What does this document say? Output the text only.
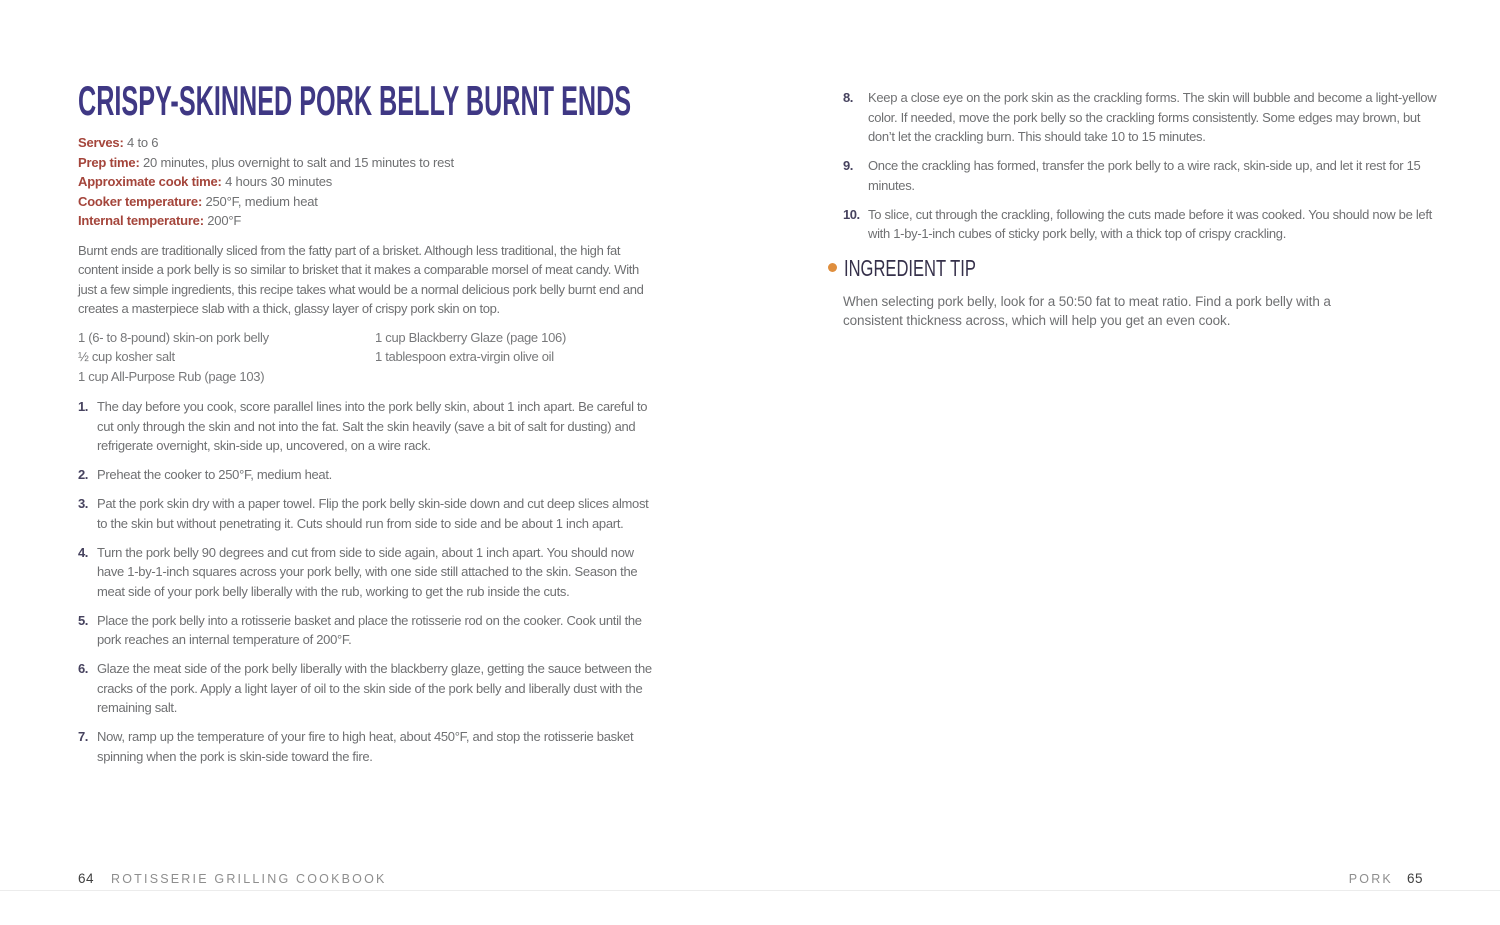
CRISPY-SKINNED PORK BELLY BURNT ENDS
Serves: 4 to 6
Prep time: 20 minutes, plus overnight to salt and 15 minutes to rest
Approximate cook time: 4 hours 30 minutes
Cooker temperature: 250°F, medium heat
Internal temperature: 200°F

Burnt ends are traditionally sliced from the fatty part of a brisket. Although less traditional, the high fat content inside a pork belly is so similar to brisket that it makes a comparable morsel of meat candy. With just a few simple ingredients, this recipe takes what would be a normal delicious pork belly burnt end and creates a masterpiece slab with a thick, glassy layer of crispy pork skin on top.

1 (6- to 8-pound) skin-on pork belly
½ cup kosher salt
1 cup All-Purpose Rub (page 103)
1 cup Blackberry Glaze (page 106)
1 tablespoon extra-virgin olive oil
1. The day before you cook, score parallel lines into the pork belly skin, about 1 inch apart. Be careful to cut only through the skin and not into the fat. Salt the skin heavily (save a bit of salt for dusting) and refrigerate overnight, skin-side up, uncovered, on a wire rack.
2. Preheat the cooker to 250°F, medium heat.
3. Pat the pork skin dry with a paper towel. Flip the pork belly skin-side down and cut deep slices almost to the skin but without penetrating it. Cuts should run from side to side and be about 1 inch apart.
4. Turn the pork belly 90 degrees and cut from side to side again, about 1 inch apart. You should now have 1-by-1-inch squares across your pork belly, with one side still attached to the skin. Season the meat side of your pork belly liberally with the rub, working to get the rub inside the cuts.
5. Place the pork belly into a rotisserie basket and place the rotisserie rod on the cooker. Cook until the pork reaches an internal temperature of 200°F.
6. Glaze the meat side of the pork belly liberally with the blackberry glaze, getting the sauce between the cracks of the pork. Apply a light layer of oil to the skin side of the pork belly and liberally dust with the remaining salt.
7. Now, ramp up the temperature of your fire to high heat, about 450°F, and stop the rotisserie basket spinning when the pork is skin-side toward the fire.
8.	Keep a close eye on the pork skin as the crackling forms. The skin will bubble and become a light-yellow color. If needed, move the pork belly so the crackling forms consistently. Some edges may brown, but don’t let the crackling burn. This should take 10 to 15 minutes.
9.	Once the crackling has formed, transfer the pork belly to a wire rack, skin-side up, and let it rest for 15 minutes.
10. To slice, cut through the crackling, following the cuts made before it was cooked. You should now be left with 1-by-1-inch cubes of sticky pork belly, with a thick top of crispy crackling.
INGREDIENT TIP

When selecting pork belly, look for a 50:50 fat to meat ratio. Find a pork belly with a consistent thickness across, which will help you get an even cook.

64 ROTISSERIE GRILLING COOKBOOK	PORK 65
